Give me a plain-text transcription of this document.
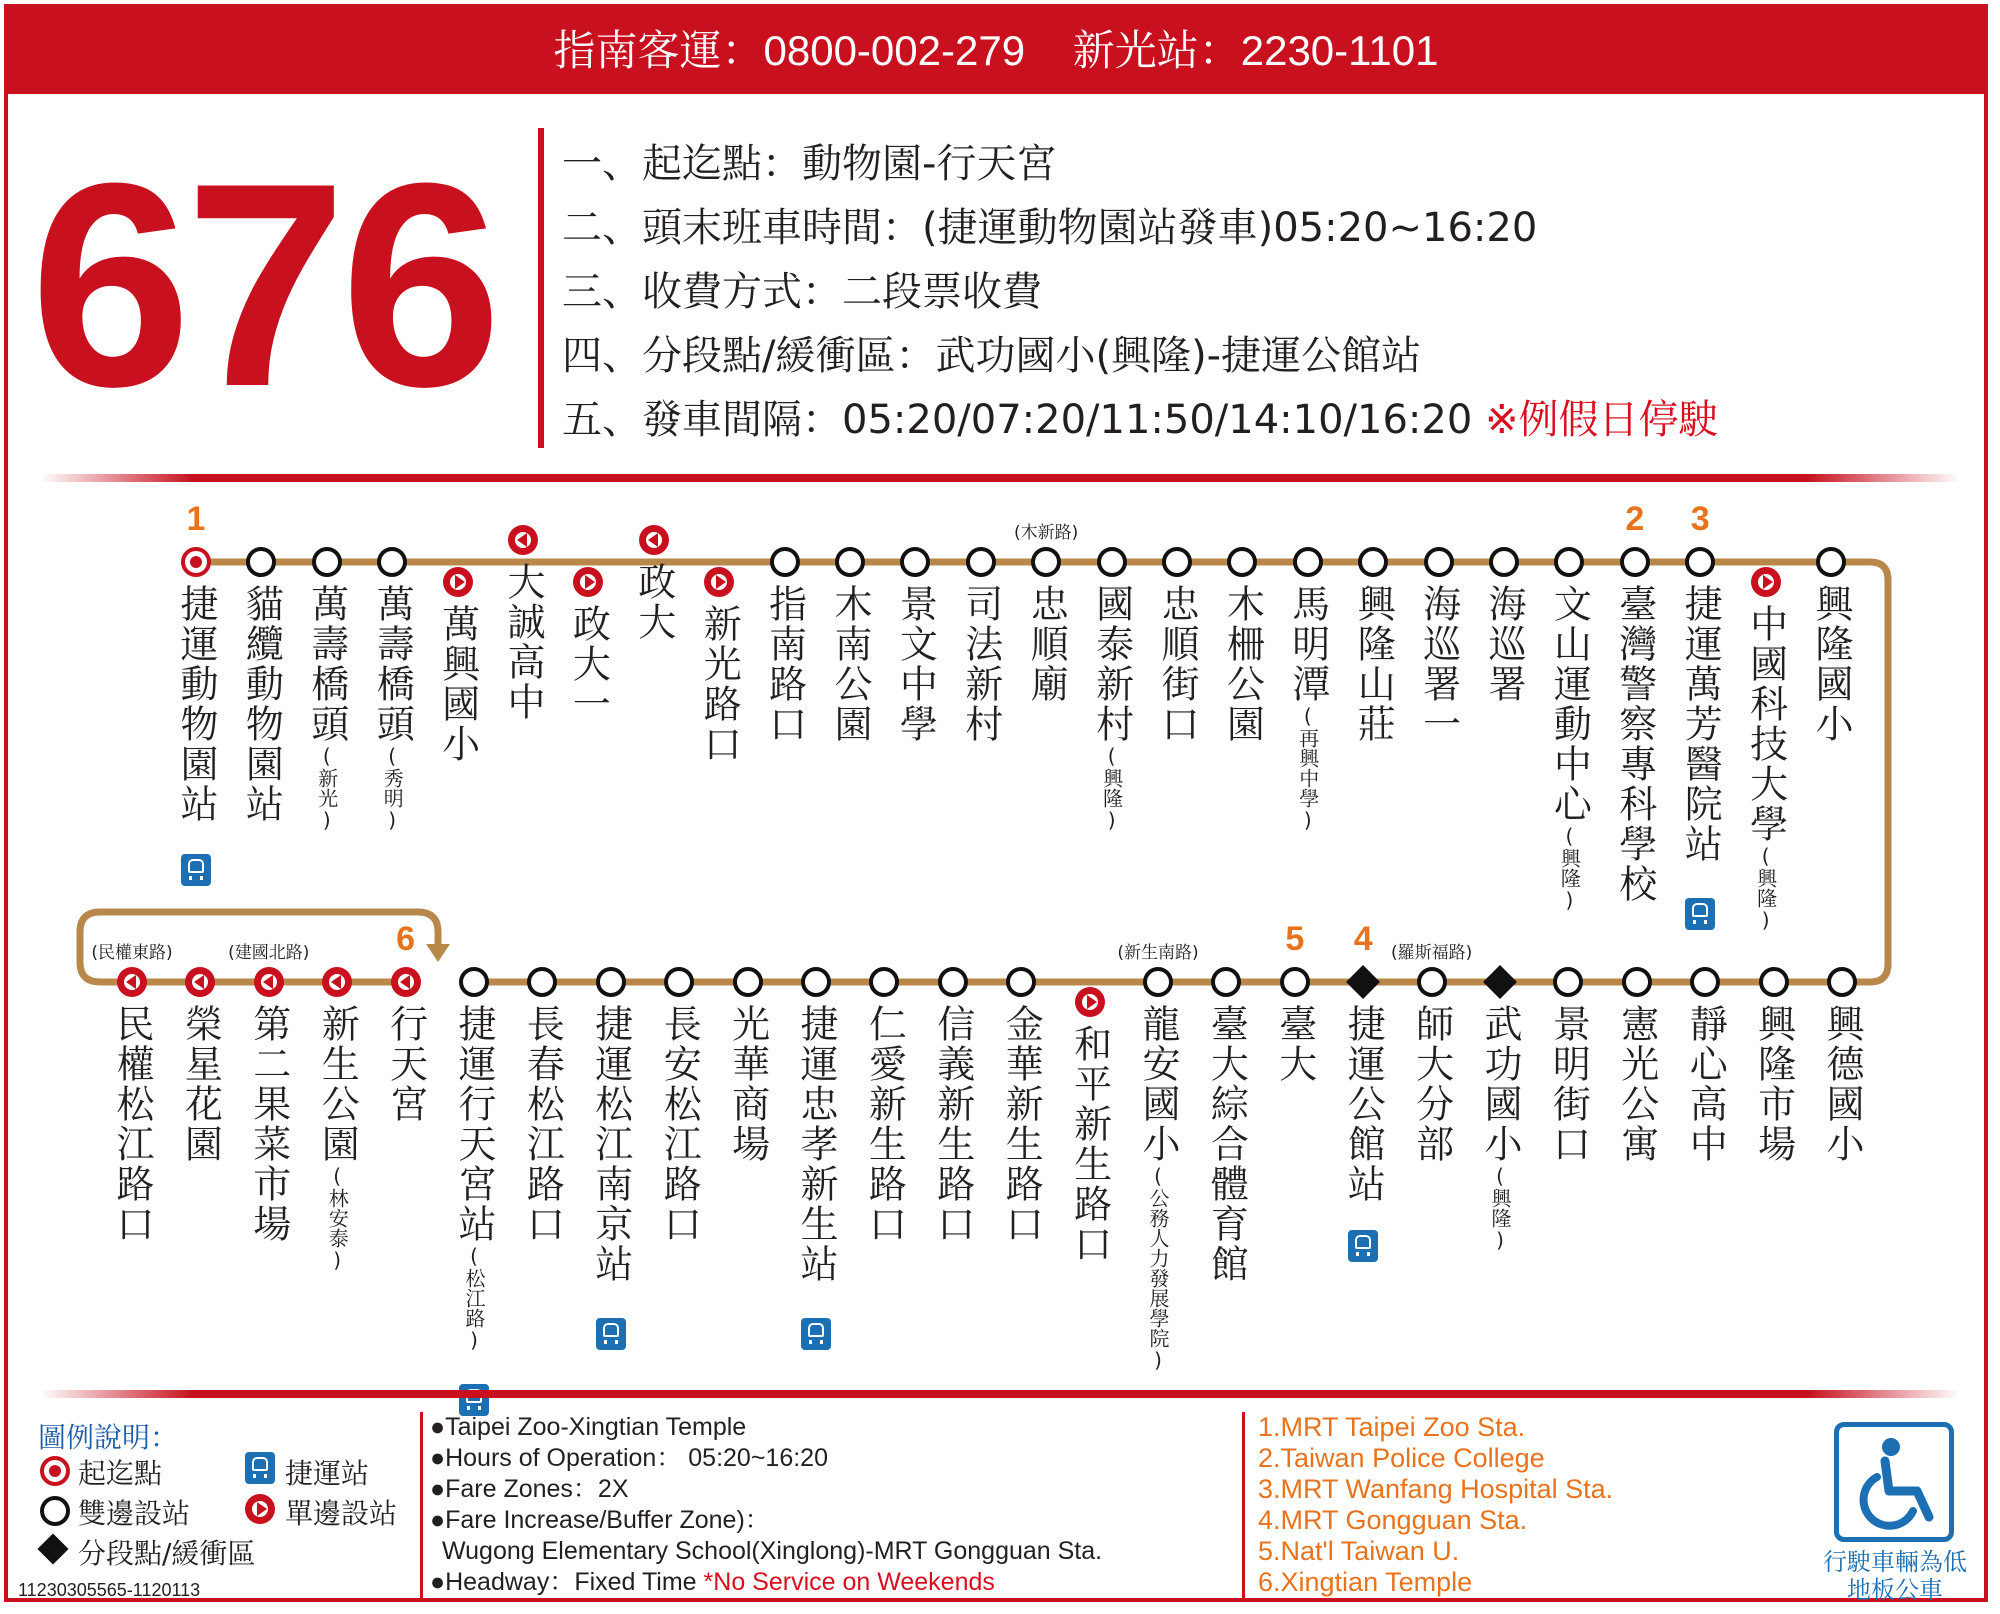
指南客運：0800-002-279 新光站：2230-1101
676 一、起迄點：動物園-行天宮
二、頭末班車時間：(捷運動物園站發車)05:20~16:20
三、收費方式：二段票收費
四、分段點/緩衝區：武功國小(興隆)-捷運公館站
五、發車間隔：05:20/07:20/11:50/14:10/16:20 ※例假日停駛
捷運動物園站
1
貓纜動物園站 萬壽橋頭(新光)
萬壽橋頭(秀明)
萬興國小 大誠高中 政大一
政大
新光路口 指南路口 木南公園 景文中學 司法新村 忠順廟
(木新路)
國泰新村(興隆)
忠順街口 木柵公園 馬明潭(再興中學)
興隆山莊 海巡署一 海巡署 文山運動中心(興隆) 臺灣警察專科學校
2
捷運萬芳醫院站
3
中國科技大學(興隆)
興隆國小
民權松江路口
(民權東路)
榮星花園 第二果菜市場
(建國北路)
新生公園(林安泰)
行天宮
6
捷運行天宮站(松江路)
長春松江路口 捷運松江南京站 長安松江路口 光華商場 捷運忠孝新生站 仁愛新生路口 信義新生路口 金華新生路口 和平新生路口 龍安國小(公務人力發展學院)
(新生南路)
臺大綜合體育館 臺大
5
捷運公館站
4
師大分部
(羅斯福路)
武功國小(興隆)
景明街口 憲光公寓 靜心高中 興隆市場 興德國小
圖例說明：
起迄點	捷運站
雙邊設站	單邊設站
分段點/緩衝區
11230305565-1120113
●Taipei Zoo-Xingtian Temple
●Hours of Operation： 05:20~16:20
●Fare Zones：2X
●Fare Increase/Buffer Zone)：
Wugong Elementary School(Xinglong)-MRT Gongguan Sta.
●Headway：Fixed Time *No Service on Weekends
1.MRT Taipei Zoo Sta.
2.Taiwan Police College
3.MRT Wanfang Hospital Sta.
4.MRT Gongguan Sta.
5.Nat'l Taiwan U.
6.Xingtian Temple
行駛車輛為低地板公車
